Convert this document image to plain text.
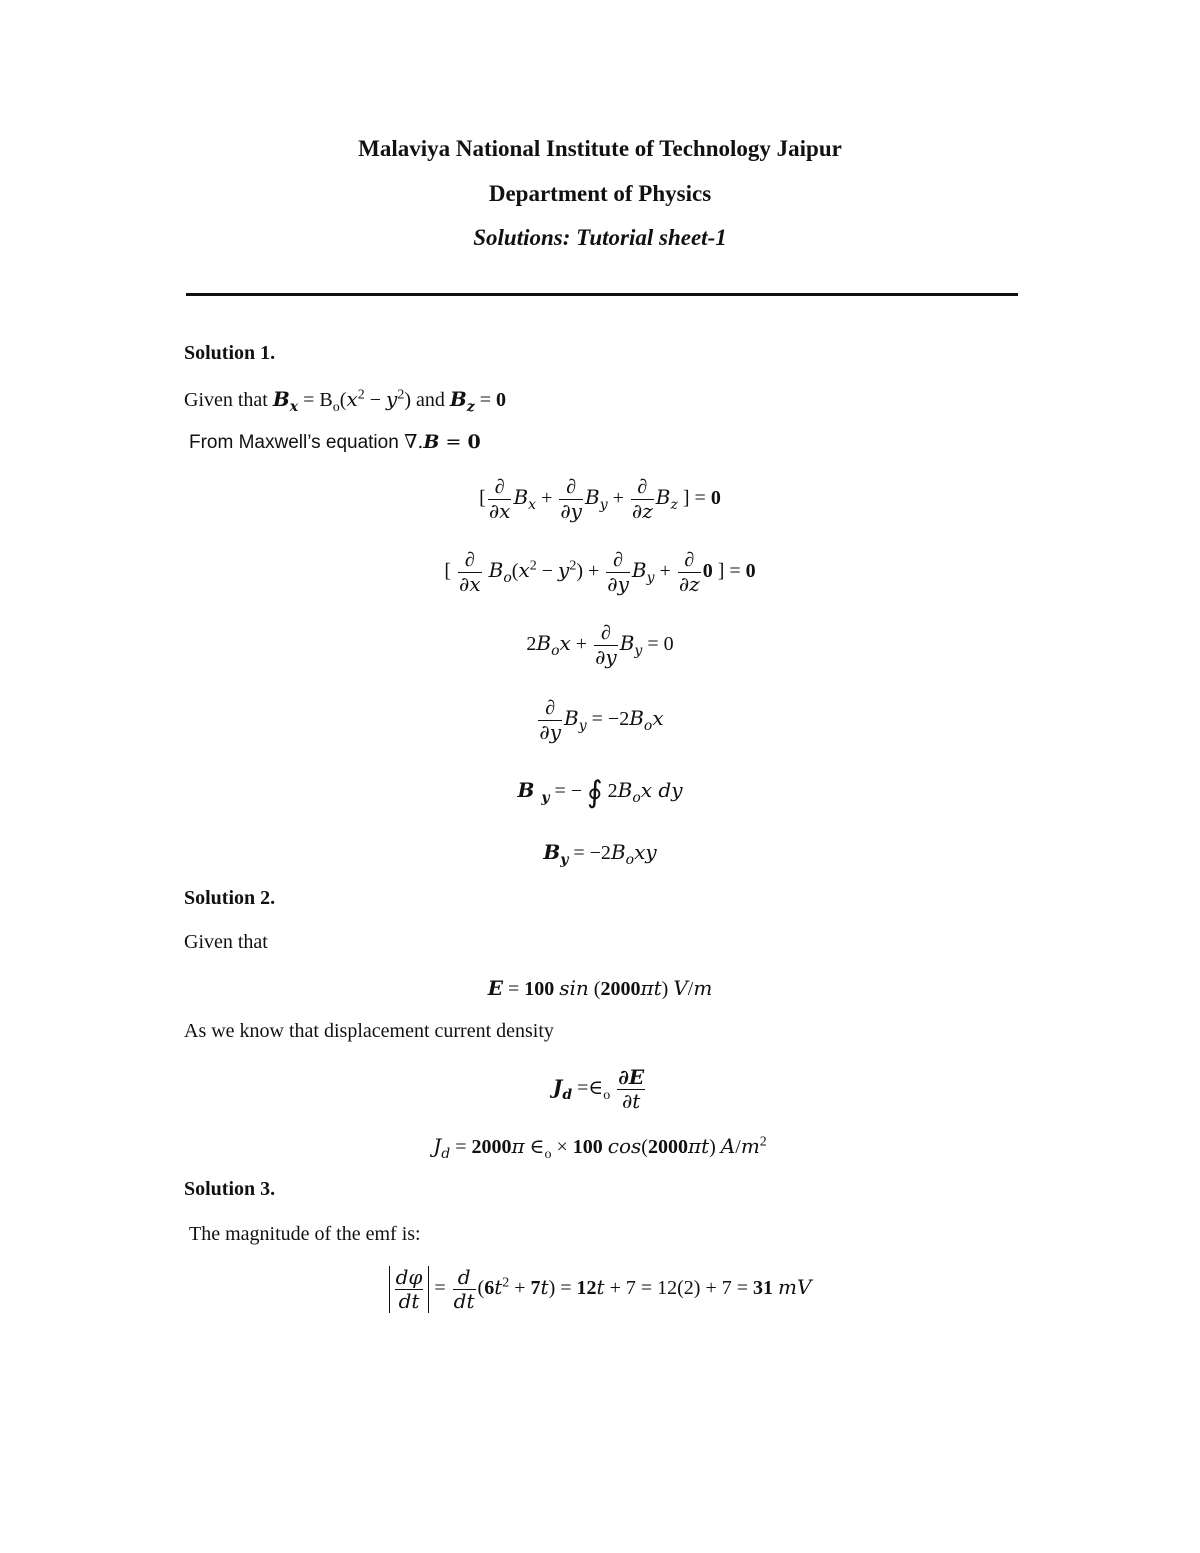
Malaviya National Institute of Technology Jaipur
Department of Physics
Solutions: Tutorial sheet-1
Solution 1.
Given that $B_x = B_o(x^2 - y^2)$ and $B_z = 0$
From Maxwell’s equation ∇.B = 0
[ $\frac{\partial}{\partial x} B_x + \frac{\partial}{\partial y} B_y + \frac{\partial}{\partial z} B_z$ ] = 0
[ $\frac{\partial}{\partial x} B_o(x^2 - y^2) + \frac{\partial}{\partial y} B_y + \frac{\partial}{\partial z} 0$ ] = 0
$2B_ox + \frac{\partial}{\partial y} B_y = 0$
$\frac{\partial}{\partial y} B_y = -2B_ox$
B $_y$ = − ∮ $2B_ox$ dy
$B_y = -2B_oxy$
Solution 2.
Given that
E = 100 sin (2000πt) V/m
As we know that displacement current density
$J_d$ $=\in_o \frac{\partial E}{\partial t}$
$J_d = 2000\pi$ $\in_o \times 100$ cos(2000πt) $A/m^2$
Solution 3.
The magnitude of the emf is:
$\frac{d\varphi}{dt} = \frac{d}{dt} (6t^2 + 7t) = 12t + 7 = 12(2) + 7 = 31$ mV
